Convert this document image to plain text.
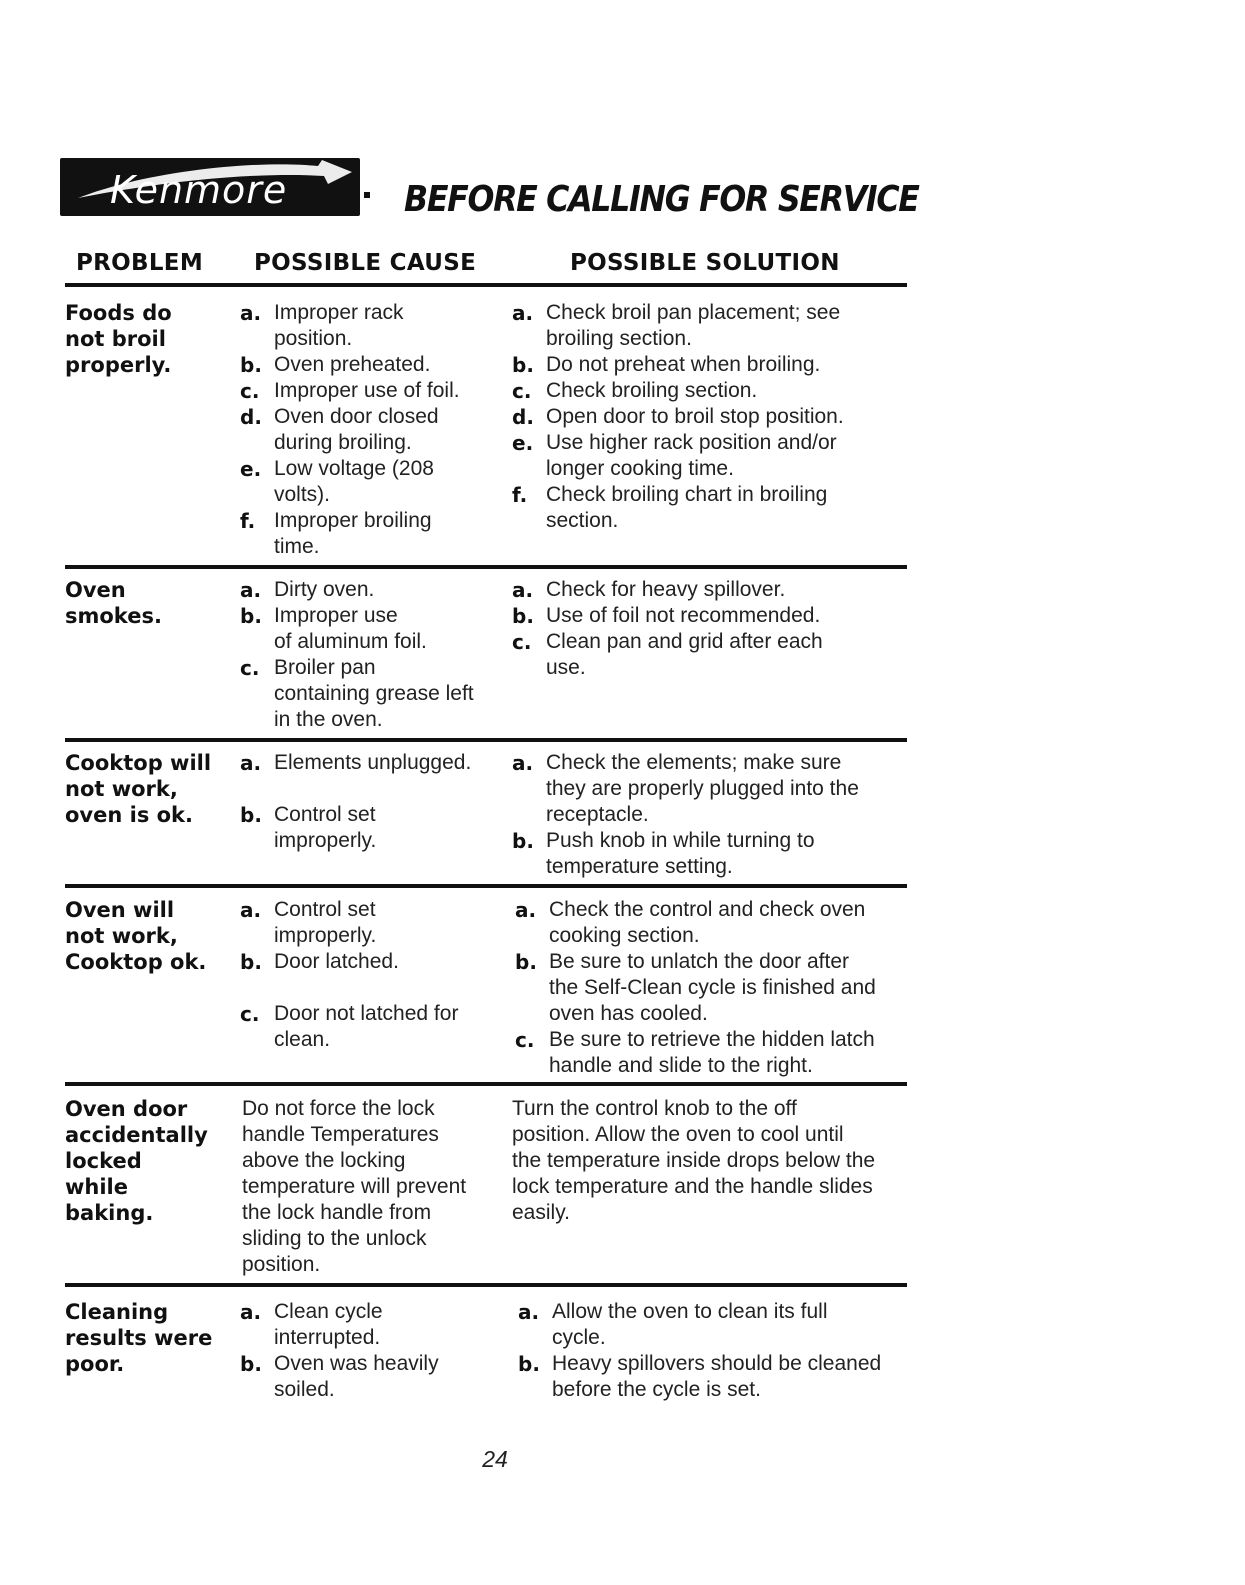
Kenmore	BEFORE CALLING FOR SERVICE
PROBLEM POSSIBLE CAUSE	POSSIBLE SOLUTION
Foods do
not broil
properly.
a. Improper rack
position.
b. Oven preheated.
c. Improper use of foil.
d. Oven door closed
during broiling.
e. Low voltage (208
volts).
f. Improper broiling
time.
a. Check broil pan placement; see
broiling section.
b. Do not preheat when broiling.
c. Check broiling section.
d. Open door to broil stop position.

e. Use higher rack position and/or
longer cooking time.
f. Check broiling chart in broiling
section.
Oven
smokes.
a. Dirty oven.
b. Improper use
of aluminum foil.
c. Broiler pan
containing grease left
in the oven.
a. Check for heavy spillover.
b. Use of foil not recommended.

c. Clean pan and grid after each
use.
Cooktop will
not work,
oven is ok.
a. Elements unplugged.

b. Control set
improperly.
a. Check the elements; make sure
they are properly plugged into the
receptacle.
b. Push knob in while turning to
temperature setting.
Oven will
not work,
Cooktop ok.
a. Control set
improperly.
b. Door latched.

c. Door not latched for
clean.
a. Check the control and check oven
cooking section.
b. Be sure to unlatch the door after
the Self-Clean cycle is finished and
oven has cooled.
c. Be sure to retrieve the hidden latch
handle and slide to the right.
Oven door
accidentally
locked
while
baking.
Do not force the lock
handle Temperatures
above the locking
temperature will prevent
the lock handle from
sliding to the unlock
position.
Turn the control knob to the off
position. Allow the oven to cool until
the temperature inside drops below the
lock temperature and the handle slides
easily.
Cleaning
results were
poor.
a. Clean cycle
interrupted.
b. Oven was heavily
soiled.
a. Allow the oven to clean its full
cycle.
b. Heavy spillovers should be cleaned
before the cycle is set.
24
